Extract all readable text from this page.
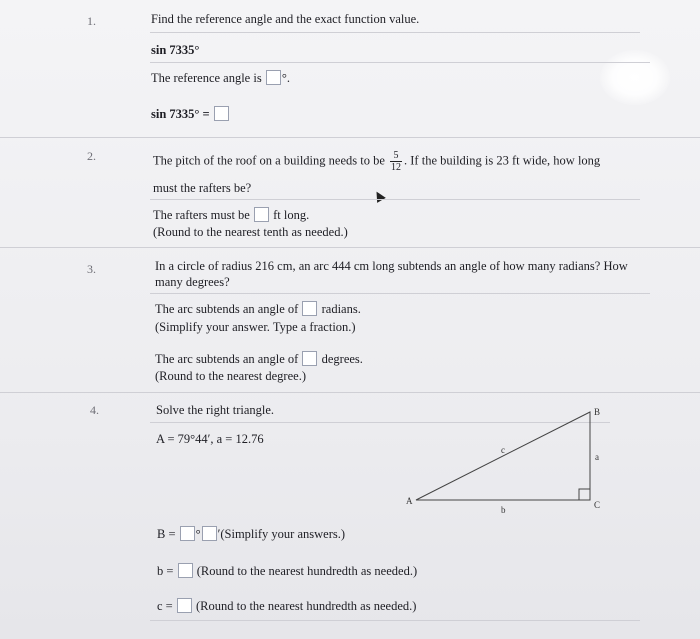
1.	Find the reference angle and the exact function value.
sin 7335°
The reference angle is °.
sin 7335° =
2.	The pitch of the roof on a building needs to be $\frac{5}{12}$ . If the building is 23 ft wide, how long
must the rafters be?
The rafters must be ft long.
(Round to the nearest tenth as needed.)
3.	In a circle of radius 216 cm, an arc 444 cm long subtends an angle of how many radians? How
many degrees?
The arc subtends an angle of radians.
(Simplify your answer. Type a fraction.)
The arc subtends an angle of degrees.
(Round to the nearest degree.)
4.	Solve the right triangle.
A = 79°44′, a = 12.76
A
B
C
a
b
c
B = ° ′(Simplify your answers.)
b = (Round to the nearest hundredth as needed.)
c = (Round to the nearest hundredth as needed.)
